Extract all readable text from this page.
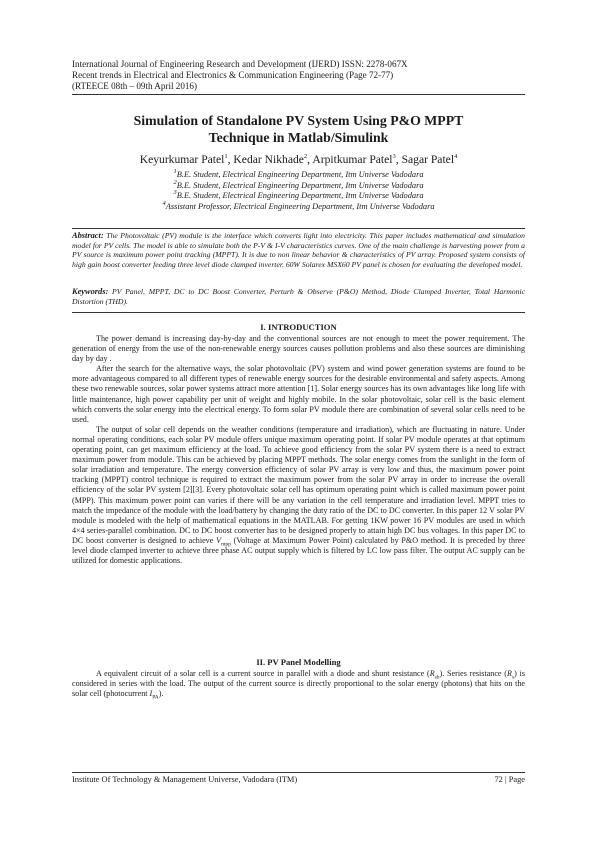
International Journal of Engineering Research and Development (IJERD) ISSN: 2278-067X
Recent trends in Electrical and Electronics & Communication Engineering (Page 72-77)
(RTEECE 08th – 09th April 2016)
Simulation of Standalone PV System Using P&O MPPT
Technique in Matlab/Simulink
Keyurkumar Patel$^1$, Kedar Nikhade$^2$, Arpitkumar Patel$^3$, Sagar Patel$^4$
$^1$B.E. Student, Electrical Engineering Department, Itm Universe Vadodara
$^2$B.E. Student, Electrical Engineering Department, Itm Universe Vadodara
$^3$B.E. Student, Electrical Engineering Department, Itm Universe Vadodara
$^4$Assistant Professor, Electrical Engineering Department, Itm Universe Vadodara
Abstract: The Photovoltaic (PV) module is the interface which converts light into electricity. This paper includes mathematical and simulation model for PV cells. The model is able to simulate both the P-V & I-V characteristics curves. One of the main challenge is harvesting power from a PV source is maximum power point tracking (MPPT). It is due to non linear behavior & characteristics of PV array. Proposed system consists of high gain boost converter feeding three level diode clamped inverter. 60W Solarex MSX60 PV panel is chosen for evaluating the developed model.
Keywords: PV Panel, MPPT, DC to DC Boost Converter, Perturb & Observe (P&O) Method, Diode Clamped Inverter, Total Harmonic Distortion (THD).
I. INTRODUCTION

The power demand is increasing day-by-day and the conventional sources are not enough to meet the power requirement. The generation of energy from the use of the non-renewable energy sources causes pollution problems and also these sources are diminishing day by day .

After the search for the alternative ways, the solar photovoltaic (PV) system and wind power generation systems are found to be more advantageous compared to all different types of renewable energy sources for the desirable environmental and safety aspects. Among these two renewable sources, solar power systems attract more attention [1]. Solar energy sources has its own advantages like long life with little maintenance, high power capability per unit of weight and highly mobile. In the solar photovoltaic, solar cell is the basic element which converts the solar energy into the electrical energy. To form solar PV module there are combination of several solar cells need to be used.

The output of solar cell depends on the weather conditions (temperature and irradiation), which are fluctuating in nature. Under normal operating conditions, each solar PV module offers unique maximum operating point. If solar PV module operates at that optimum operating point, can get maximum efficiency at the load. To achieve good efficiency from the solar PV system there is a need to extract maximum power from module. This can be achieved by placing MPPT methods. The solar energy comes from the sunlight in the form of solar irradiation and temperature. The energy conversion efficiency of solar PV array is very low and thus, the maximum power point tracking (MPPT) control technique is required to extract the maximum power from the solar PV array in order to increase the overall efficiency of the solar PV system [2][3]. Every photovoltaic solar cell has optimum operating point which is called maximum power point (MPP). This maximum power point can varies if there will be any variation in the cell temperature and irradiation level. MPPT tries to match the impedance of the module with the load/battery by changing the duty ratio of the DC to DC converter. In this paper 12 V solar PV module is modeled with the help of mathematical equations in the MATLAB. For getting 1KW power 16 PV modules are used in which 4×4 series-parallel combination. DC to DC boost converter has to be designed properly to attain high DC bus voltages. In this paper DC to DC boost converter is designed to achieve $V_{mpp}$ (Voltage at Maximum Power Point) calculated by P&O method. It is preceded by three level diode clamped inverter to achieve three phase AC output supply which is filtered by LC low pass filter. The output AC supply can be utilized for domestic applications.

II. PV Panel Modelling

A equivalent circuit of a solar cell is a current source in parallel with a diode and shunt resistance $(R_{sh})$. Series resistance $(R_s)$ is considered in series with the load. The output of the current source is directly proportional to the solar energy (photons) that hits on the solar cell (photocurrent $I_{PA}$).

Institute Of Technology & Management Universe, Vadodara (ITM)	72 | Page
